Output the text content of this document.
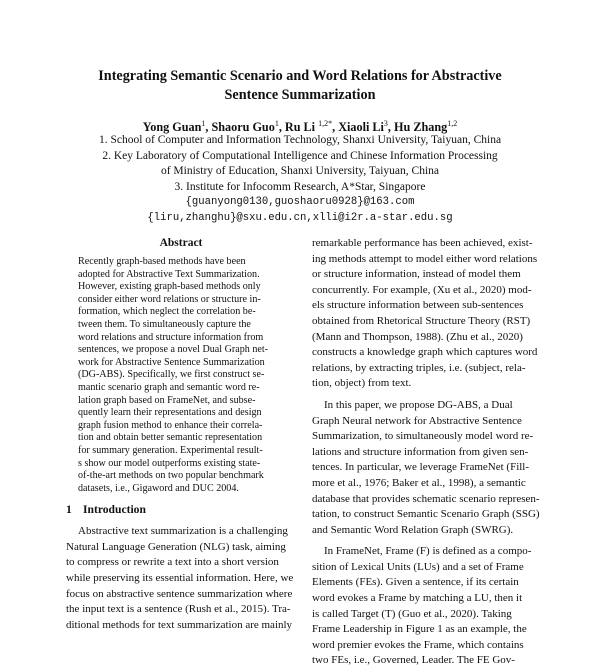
Integrating Semantic Scenario and Word Relations for Abstractive
Sentence Summarization
Yong Guan$^1$, Shaoru Guo$^1$, Ru Li $^{1,2*}$, Xiaoli Li$^3$, Hu Zhang$^{1,2}$
1. School of Computer and Information Technology, Shanxi University, Taiyuan, China
2. Key Laboratory of Computational Intelligence and Chinese Information Processing
of Ministry of Education, Shanxi University, Taiyuan, China
3. Institute for Infocomm Research, A*Star, Singapore
{guanyong0130,guoshaoru0928}@163.com
{liru,zhanghu}@sxu.edu.cn,xlli@i2r.a-star.edu.sg
Abstract
Recently graph-based methods have been
adopted for Abstractive Text Summarization.
However, existing graph-based methods only
consider either word relations or structure in-
formation, which neglect the correlation be-
tween them. To simultaneously capture the
word relations and structure information from
sentences, we propose a novel Dual Graph net-
work for Abstractive Sentence Summarization
(DG-ABS). Specifically, we first construct se-
mantic scenario graph and semantic word re-
lation graph based on FrameNet, and subse-
quently learn their representations and design
graph fusion method to enhance their correla-
tion and obtain better semantic representation
for summary generation. Experimental result-
s show our model outperforms existing state-
of-the-art methods on two popular benchmark
datasets, i.e., Gigaword and DUC 2004.
1 Introduction
Abstractive text summarization is a challenging
Natural Language Generation (NLG) task, aiming
to compress or rewrite a text into a short version
while preserving its essential information. Here, we
focus on abstractive sentence summarization where
the input text is a sentence (Rush et al., 2015). Tra-
ditional methods for text summarization are mainly
remarkable performance has been achieved, exist-
ing methods attempt to model either word relations
or structure information, instead of model them
concurrently. For example, (Xu et al., 2020) mod-
els structure information between sub-sentences
obtained from Rhetorical Structure Theory (RST)
(Mann and Thompson, 1988). (Zhu et al., 2020)
constructs a knowledge graph which captures word
relations, by extracting triples, i.e. (subject, rela-
tion, object) from text.
In this paper, we propose DG-ABS, a Dual
Graph Neural network for Abstractive Sentence
Summarization, to simultaneously model word re-
lations and structure information from given sen-
tences. In particular, we leverage FrameNet (Fill-
more et al., 1976; Baker et al., 1998), a semantic
database that provides schematic scenario represen-
tation, to construct Semantic Scenario Graph (SSG)
and Semantic Word Relation Graph (SWRG).
In FrameNet, Frame (F) is defined as a compo-
sition of Lexical Units (LUs) and a set of Frame
Elements (FEs). Given a sentence, if its certain
word evokes a Frame by matching a LU, then it
is called Target (T) (Guo et al., 2020). Taking
Frame Leadership in Figure 1 as an example, the
word premier evokes the Frame, which contains
two FEs, i.e., Governed, Leader. The FE Gov-
